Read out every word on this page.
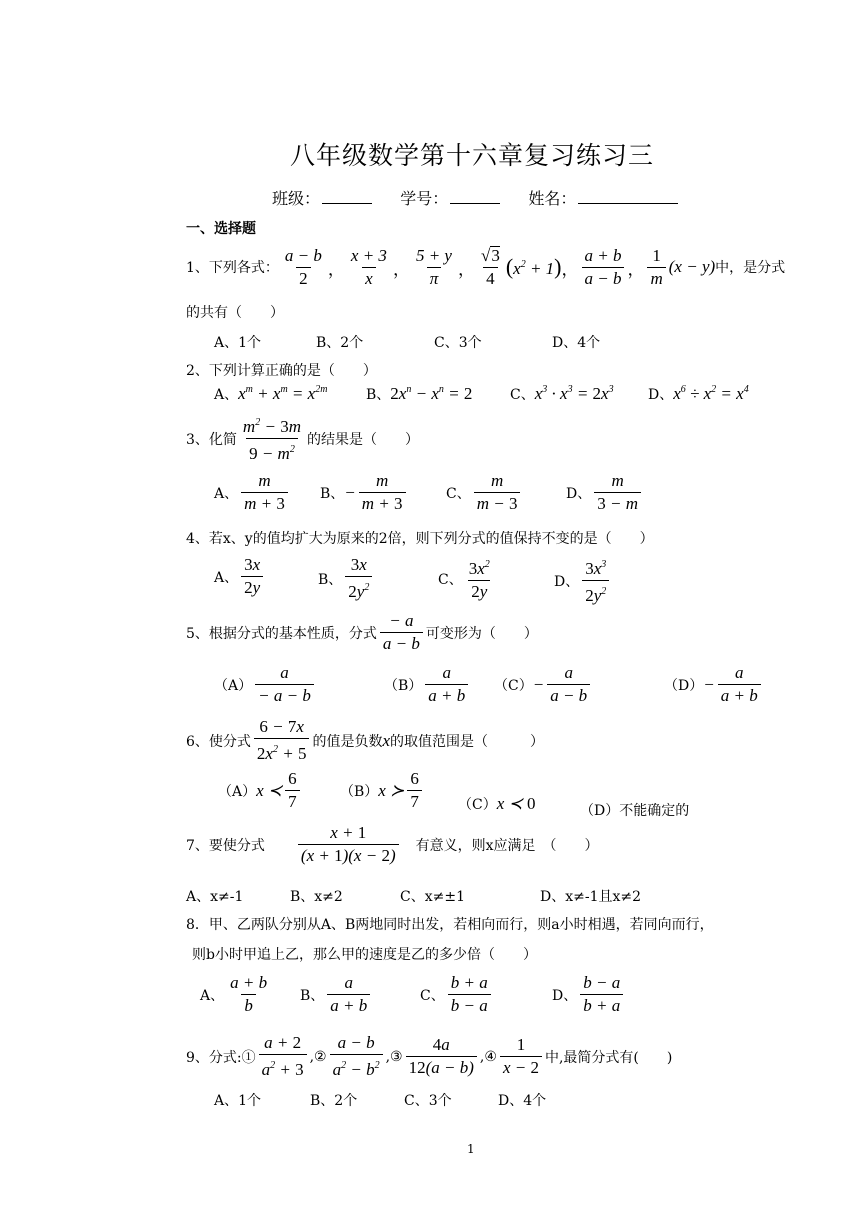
八年级数学第十六章复习练习三
班级：	学号：	姓名：
一、选择题
1、下列各式： $\frac{a - b}{2}$ ， $\frac{x + 3}{x}$ ， $\frac{5 + y}{\pi}$ ， $\frac{√3}{4} (x^2 + 1)$ ， $\frac{a + b}{a - b}$ ， $\frac{1}{m} (x - y)$ 中，是分式
的共有（　　）
A、1个	B、2个	C、3个	D、4个
2、下列计算正确的是（　　）
A、 $x^m + x^m = x^{2m}$	B、 $2x^n - x^n = 2$	C、 $x^3 \cdot x^3 = 2x^3$ D、 $x^6 \div x^2 = x^4$
3、化简 $\frac{m^2 - 3m}{9 - m^2}$ 的结果是（　　）
A、 $\frac{m}{m + 3}$ B、 − $\frac{m}{m + 3}$	C、 $\frac{m}{m - 3}$	D、 $\frac{m}{3 - m}$
4、若x、y的值均扩大为原来的2倍，则下列分式的值保持不变的是（　　）
A、 $\frac{3x}{2y}$	B、 $\frac{3x}{2y^2}$	C、 $\frac{3x^2}{2y}$	D、 $\frac{3x^3}{2y^2}$
5、根据分式的基本性质，分式 $\frac{- a}{a - b}$ 可变形为（　　）
$(A) \frac{a}{- a - b}$	$(B) \frac{a}{a + b} (C) - \frac{a}{a - b}$	$(D) - \frac{a}{a + b}$
6、使分式 $\frac{6 - 7x}{2x^2 + 5}$ 的值是负数 x 的取值范围是（　　　）
（A） x ≺ $\frac{6}{7}$	（B） x ≻ $\frac{6}{7}$	（C） x ≺ 0	（D）不能确定的
7、要使分式 $\frac{x + 1}{(x + 1)(x - 2)}$ 有意义，则x应满足　（　　）
A、x≠-1	B、x≠2	C、x≠±1	D、x≠-1且x≠2
8．甲、乙两队分别从A、B两地同时出发，若相向而行，则a小时相遇，若同向而行，
则b小时甲追上乙，那么甲的速度是乙的多少倍（　　）
A、 $\frac{a + b}{b}$ B、 $\frac{a}{a + b}$	C、 $\frac{b + a}{b - a}$	D、 $\frac{b - a}{b + a}$
9、分式:① $\frac{a + 2}{a^2 + 3}$ ,② $\frac{a - b}{a^2 - b^2}$ ,③ $\frac{4a}{12(a - b)}$ ,④ $\frac{1}{x - 2}$ 中,最简分式有(　　)
A、1个	B、2个	C、3个	D、4个
1
